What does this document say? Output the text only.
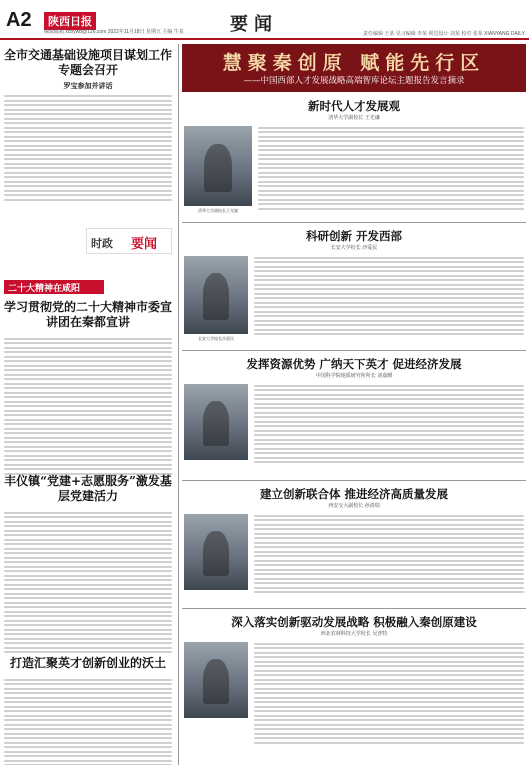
A2	陕西日报
编辑邮箱 xcbywb@126.com 2022年11月18日 星期五 主编 牛某	要闻	责任编辑 王某 见习编辑 李某 视觉设计 刘某 校对 张某 XIANYANG DAILY
全市交通基础设施项目谋划工作专题会召开
罗宝参加并讲话
时政 要闻
二十大精神在咸阳
学习贯彻党的二十大精神市委宣讲团在秦都宣讲
丰仪镇“党建+志愿服务”激发基层党建活力
打造汇聚英才创新创业的沃土
慧聚秦创原 赋能先行区
——中国西部人才发展战略高端智库论坛主题报告发言摘录
新时代人才发展观
清华大学副校长 王光谦
清华大学副校长王光谦
科研创新 开发西部
长安大学校长 沙爱民
长安大学校长沙爱民
发挥资源优势 广纳天下英才 促进经济发展
中国科学院地质研究所所长 刘嘉麒
建立创新联合体 推进经济高质量发展
西安交大副校长 孙清瑞
深入落实创新驱动发展战略 积极融入秦创原建设
西北农林科技大学校长 吴普特
